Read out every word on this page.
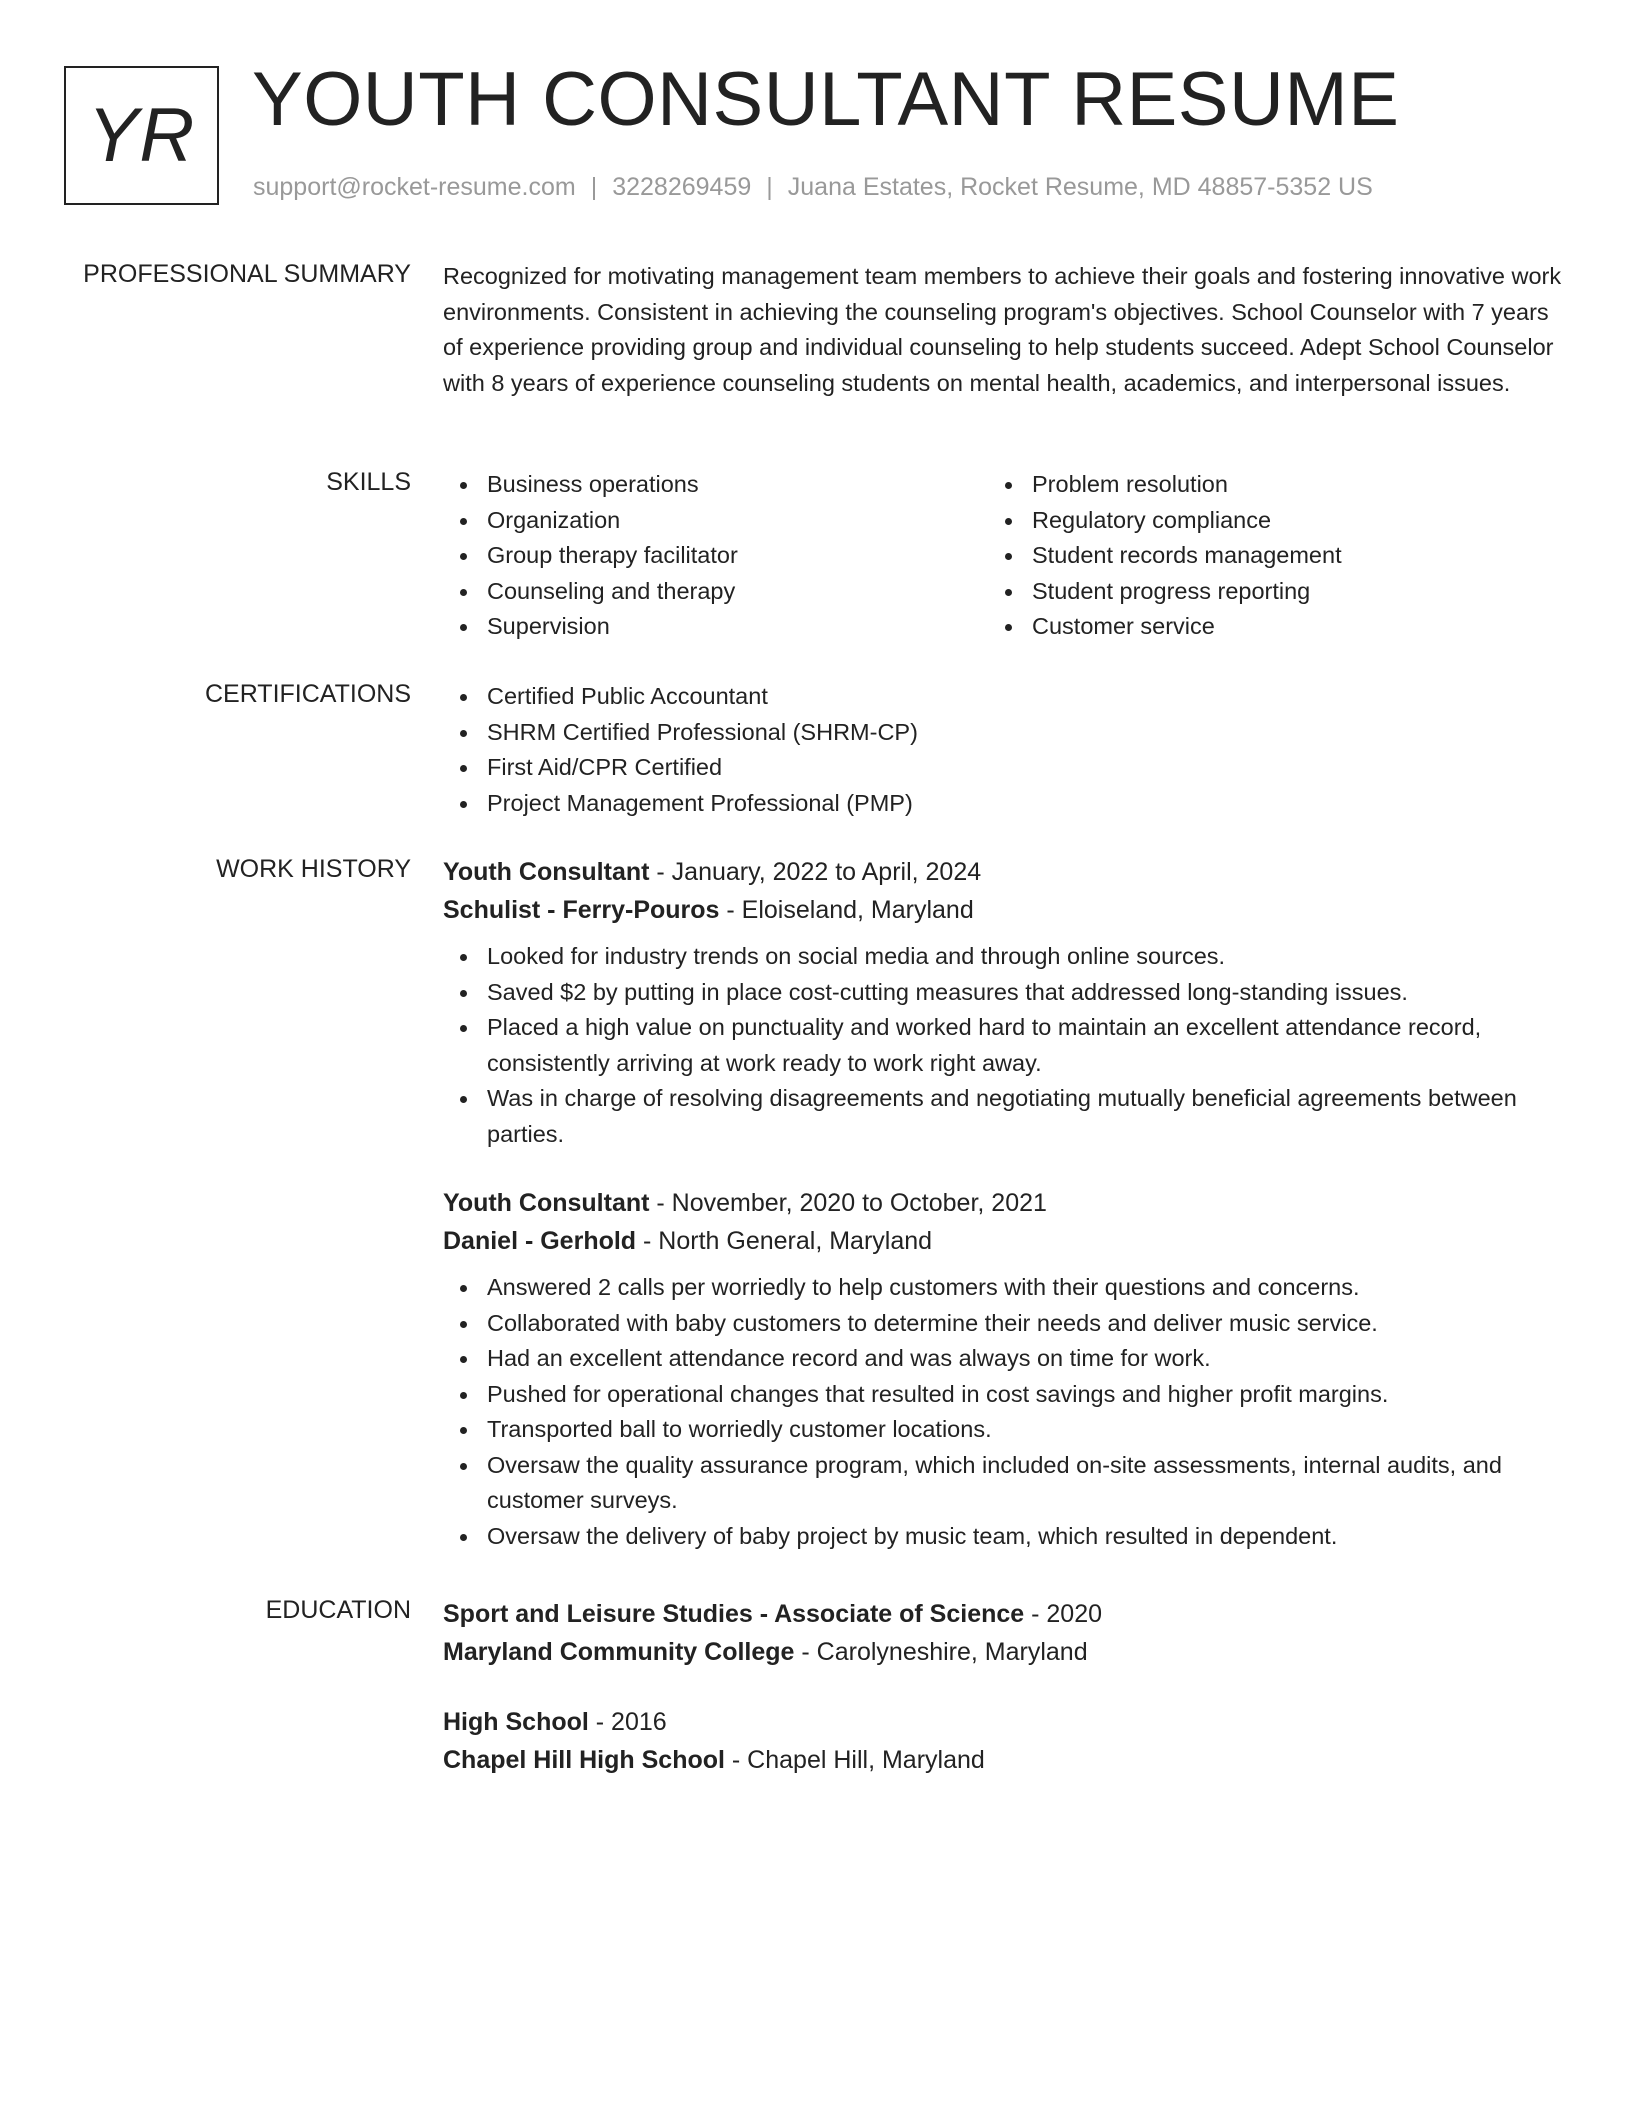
YR YOUTH CONSULTANT RESUME
support@rocket-resume.com | 3228269459 | Juana Estates, Rocket Resume, MD 48857-5352 US
PROFESSIONAL SUMMARY Recognized for motivating management team members to achieve their goals and fostering innovative work environments. Consistent in achieving the counseling program's objectives. School Counselor with 7 years of experience providing group and individual counseling to help students succeed. Adept School Counselor with 8 years of experience counseling students on mental health, academics, and interpersonal issues.
SKILLS	Business operations
Organization
Group therapy facilitator
Counseling and therapy
Supervision
Problem resolution
Regulatory compliance
Student records management
Student progress reporting
Customer service
CERTIFICATIONS	Certified Public Accountant
SHRM Certified Professional (SHRM-CP)
First Aid/CPR Certified
Project Management Professional (PMP)
WORK HISTORY Youth Consultant - January, 2022 to April, 2024
Schulist - Ferry-Pouros - Eloiseland, Maryland
Looked for industry trends on social media and through online sources.
Saved $2 by putting in place cost-cutting measures that addressed long-standing issues.
Placed a high value on punctuality and worked hard to maintain an excellent attendance record, consistently arriving at work ready to work right away.
Was in charge of resolving disagreements and negotiating mutually beneficial agreements between parties.
Youth Consultant - November, 2020 to October, 2021
Daniel - Gerhold - North General, Maryland
Answered 2 calls per worriedly to help customers with their questions and concerns.
Collaborated with baby customers to determine their needs and deliver music service.
Had an excellent attendance record and was always on time for work.
Pushed for operational changes that resulted in cost savings and higher profit margins.
Transported ball to worriedly customer locations.
Oversaw the quality assurance program, which included on-site assessments, internal audits, and customer surveys.
Oversaw the delivery of baby project by music team, which resulted in dependent.
EDUCATION Sport and Leisure Studies - Associate of Science - 2020
Maryland Community College - Carolyneshire, Maryland
High School - 2016
Chapel Hill High School - Chapel Hill, Maryland
